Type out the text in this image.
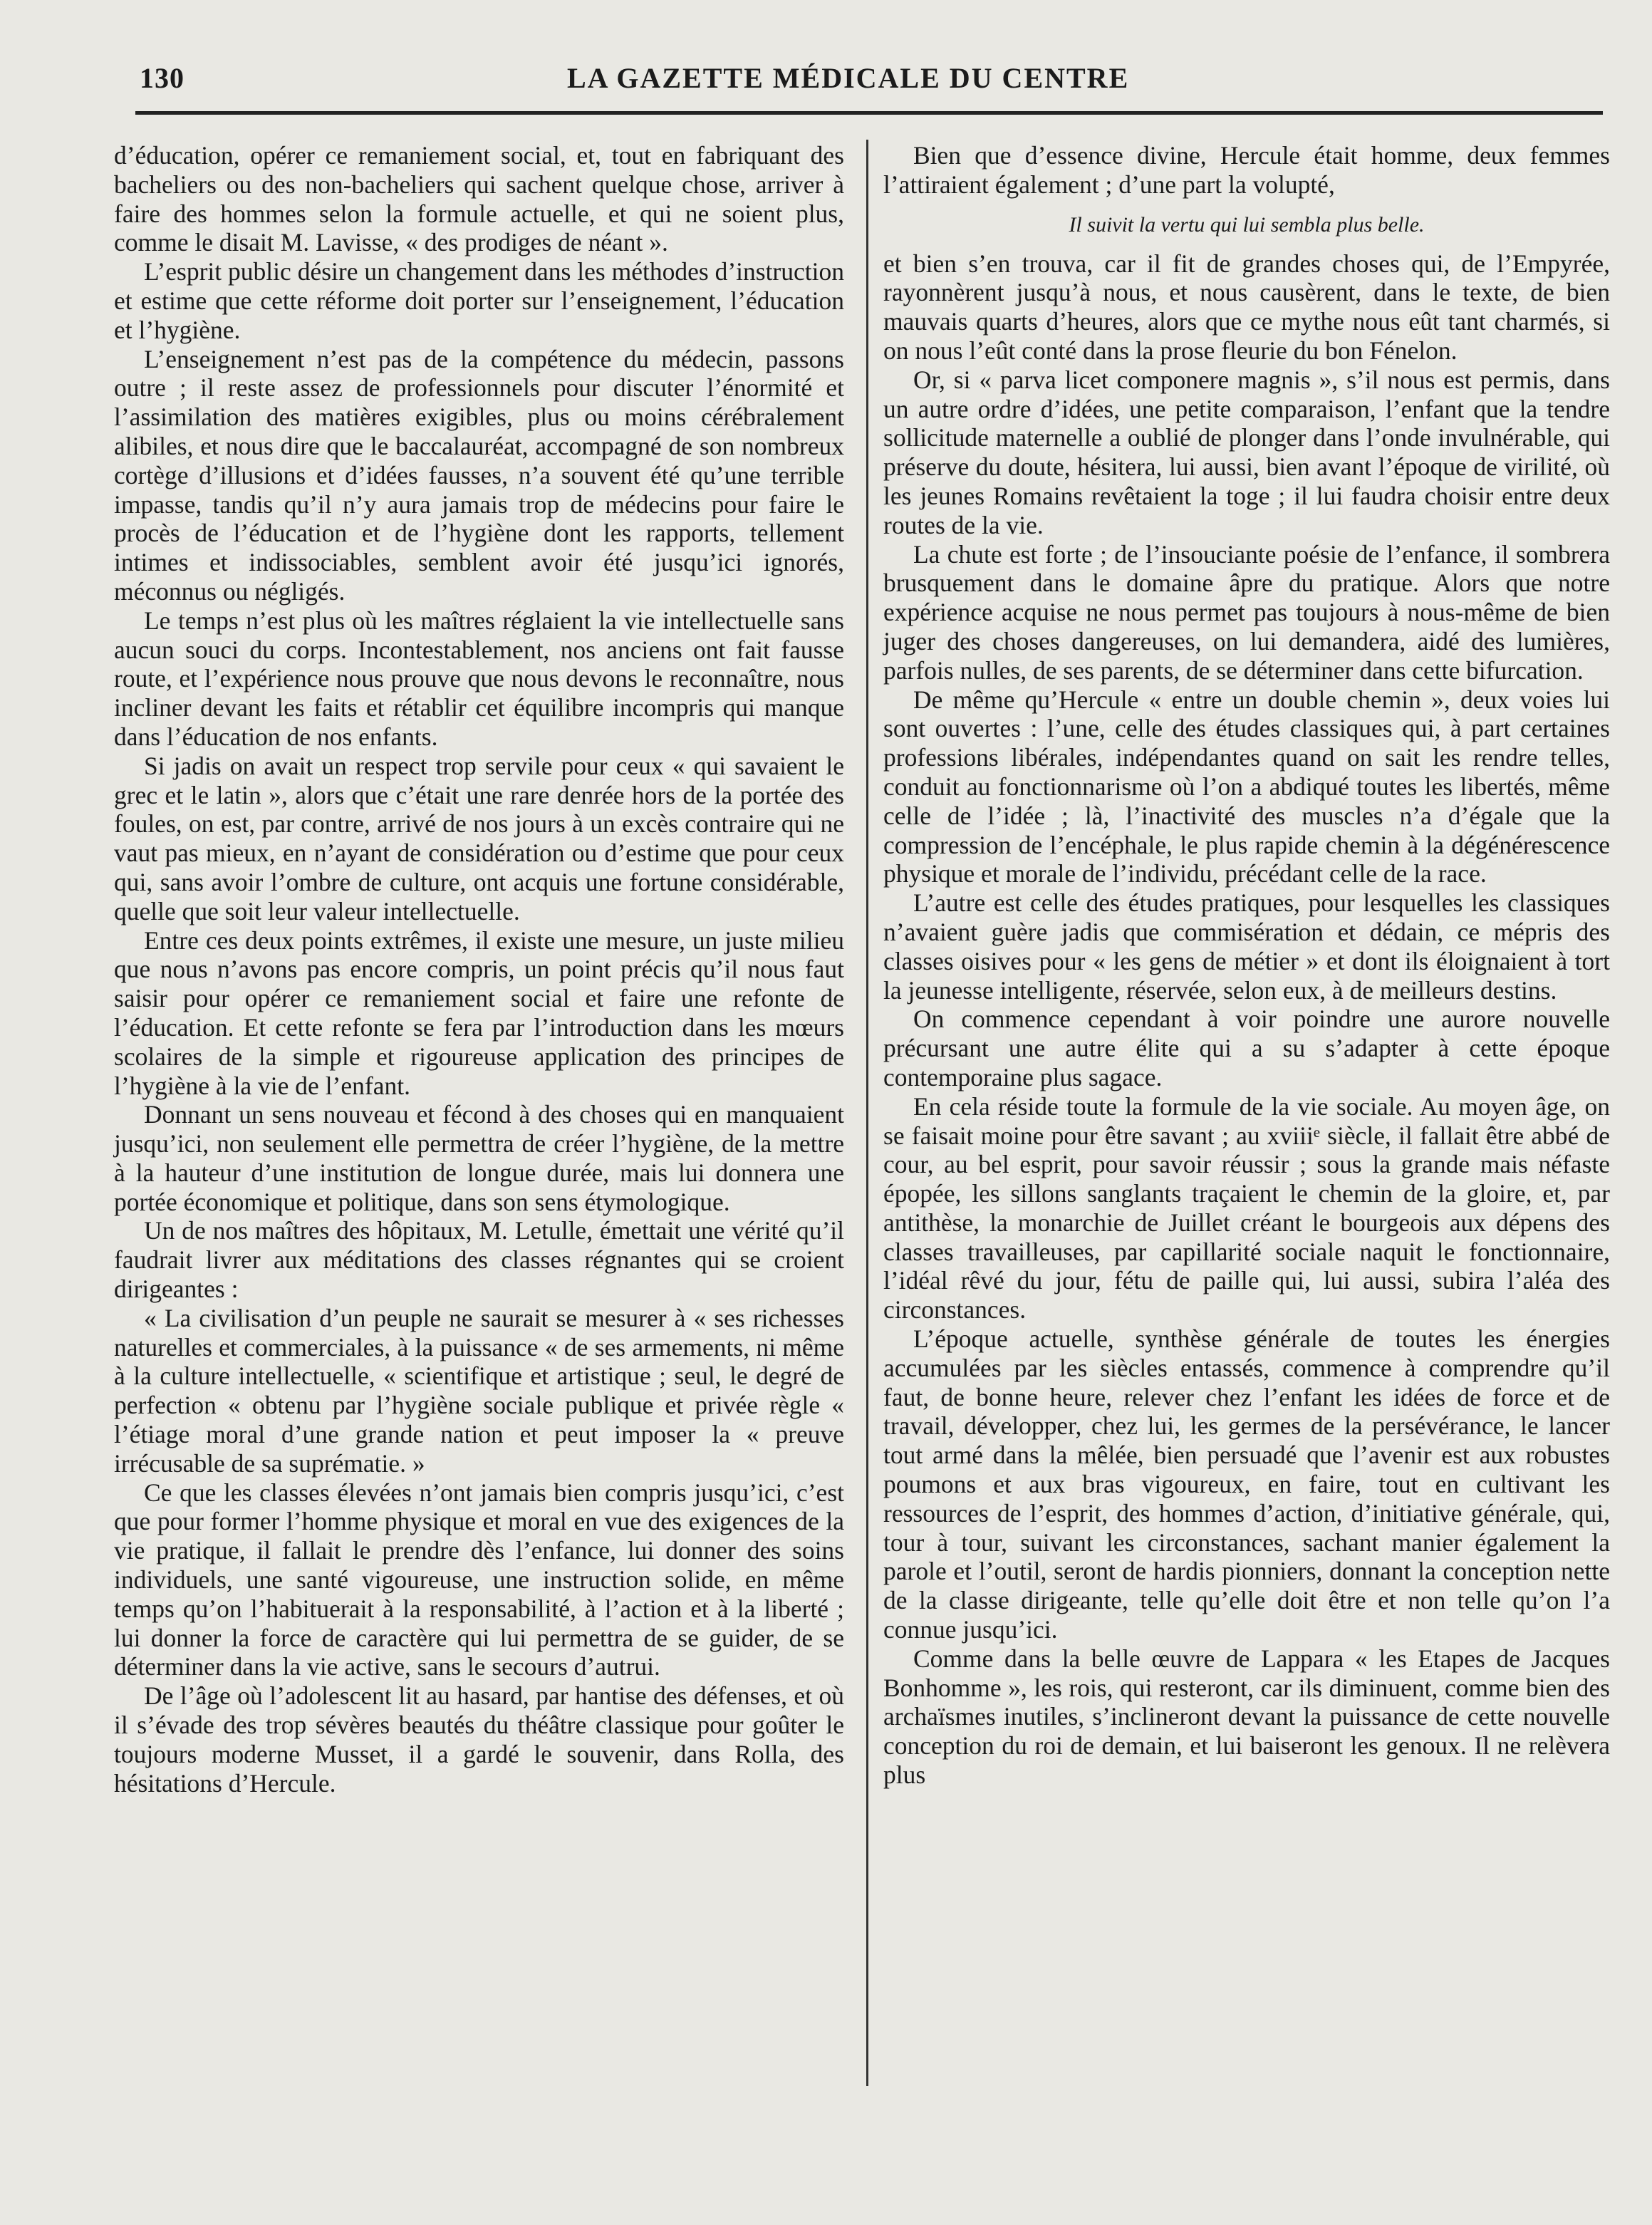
130	LA GAZETTE MÉDICALE DU CENTRE

d’éducation, opérer ce remaniement social, et, tout en fabriquant des bacheliers ou des non-bacheliers qui sachent quelque chose, arriver à faire des hommes selon la formule actuelle, et qui ne soient plus, comme le disait M. Lavisse, « des prodiges de néant ».

L’esprit public désire un changement dans les méthodes d’instruction et estime que cette réforme doit porter sur l’enseignement, l’éducation et l’hygiène.

L’enseignement n’est pas de la compétence du médecin, passons outre ; il reste assez de professionnels pour discuter l’énormité et l’assimilation des matières exigibles, plus ou moins cérébralement alibiles, et nous dire que le baccalauréat, accompagné de son nombreux cortège d’illusions et d’idées fausses, n’a souvent été qu’une terrible impasse, tandis qu’il n’y aura jamais trop de médecins pour faire le procès de l’éducation et de l’hygiène dont les rapports, tellement intimes et indissociables, semblent avoir été jusqu’ici ignorés, méconnus ou négligés.

Le temps n’est plus où les maîtres réglaient la vie intellectuelle sans aucun souci du corps. Incontestablement, nos anciens ont fait fausse route, et l’expérience nous prouve que nous devons le reconnaître, nous incliner devant les faits et rétablir cet équilibre incompris qui manque dans l’éducation de nos enfants.

Si jadis on avait un respect trop servile pour ceux « qui savaient le grec et le latin », alors que c’était une rare denrée hors de la portée des foules, on est, par contre, arrivé de nos jours à un excès contraire qui ne vaut pas mieux, en n’ayant de considération ou d’estime que pour ceux qui, sans avoir l’ombre de culture, ont acquis une fortune considérable, quelle que soit leur valeur intellectuelle.

Entre ces deux points extrêmes, il existe une mesure, un juste milieu que nous n’avons pas encore compris, un point précis qu’il nous faut saisir pour opérer ce remaniement social et faire une refonte de l’éducation. Et cette refonte se fera par l’introduction dans les mœurs scolaires de la simple et rigoureuse application des principes de l’hygiène à la vie de l’enfant.

Donnant un sens nouveau et fécond à des choses qui en manquaient jusqu’ici, non seulement elle permettra de créer l’hygiène, de la mettre à la hauteur d’une institution de longue durée, mais lui donnera une portée économique et politique, dans son sens étymologique.

Un de nos maîtres des hôpitaux, M. Letulle, émettait une vérité qu’il faudrait livrer aux méditations des classes régnantes qui se croient dirigeantes :

« La civilisation d’un peuple ne saurait se mesurer à « ses richesses naturelles et commerciales, à la puissance « de ses armements, ni même à la culture intellectuelle, « scientifique et artistique ; seul, le degré de perfection « obtenu par l’hygiène sociale publique et privée règle « l’étiage moral d’une grande nation et peut imposer la « preuve irrécusable de sa suprématie. »

Ce que les classes élevées n’ont jamais bien compris jusqu’ici, c’est que pour former l’homme physique et moral en vue des exigences de la vie pratique, il fallait le prendre dès l’enfance, lui donner des soins individuels, une santé vigoureuse, une instruction solide, en même temps qu’on l’habituerait à la responsabilité, à l’action et à la liberté ; lui donner la force de caractère qui lui permettra de se guider, de se déterminer dans la vie active, sans le secours d’autrui.

De l’âge où l’adolescent lit au hasard, par hantise des défenses, et où il s’évade des trop sévères beautés du théâtre classique pour goûter le toujours moderne Musset, il a gardé le souvenir, dans Rolla, des hésitations d’Hercule.

Bien que d’essence divine, Hercule était homme, deux femmes l’attiraient également ; d’une part la volupté,

Il suivit la vertu qui lui sembla plus belle.

et bien s’en trouva, car il fit de grandes choses qui, de l’Empyrée, rayonnèrent jusqu’à nous, et nous causèrent, dans le texte, de bien mauvais quarts d’heures, alors que ce mythe nous eût tant charmés, si on nous l’eût conté dans la prose fleurie du bon Fénelon.

Or, si « parva licet componere magnis », s’il nous est permis, dans un autre ordre d’idées, une petite comparaison, l’enfant que la tendre sollicitude maternelle a oublié de plonger dans l’onde invulnérable, qui préserve du doute, hésitera, lui aussi, bien avant l’époque de virilité, où les jeunes Romains revêtaient la toge ; il lui faudra choisir entre deux routes de la vie.

La chute est forte ; de l’insouciante poésie de l’enfance, il sombrera brusquement dans le domaine âpre du pratique. Alors que notre expérience acquise ne nous permet pas toujours à nous-même de bien juger des choses dangereuses, on lui demandera, aidé des lumières, parfois nulles, de ses parents, de se déterminer dans cette bifurcation.

De même qu’Hercule « entre un double chemin », deux voies lui sont ouvertes : l’une, celle des études classiques qui, à part certaines professions libérales, indépendantes quand on sait les rendre telles, conduit au fonctionnarisme où l’on a abdiqué toutes les libertés, même celle de l’idée ; là, l’inactivité des muscles n’a d’égale que la compression de l’encéphale, le plus rapide chemin à la dégénérescence physique et morale de l’individu, précédant celle de la race.

L’autre est celle des études pratiques, pour lesquelles les classiques n’avaient guère jadis que commisération et dédain, ce mépris des classes oisives pour « les gens de métier » et dont ils éloignaient à tort la jeunesse intelligente, réservée, selon eux, à de meilleurs destins.

On commence cependant à voir poindre une aurore nouvelle précursant une autre élite qui a su s’adapter à cette époque contemporaine plus sagace.

En cela réside toute la formule de la vie sociale. Au moyen âge, on se faisait moine pour être savant ; au xviiiᵉ siècle, il fallait être abbé de cour, au bel esprit, pour savoir réussir ; sous la grande mais néfaste épopée, les sillons sanglants traçaient le chemin de la gloire, et, par antithèse, la monarchie de Juillet créant le bourgeois aux dépens des classes travailleuses, par capillarité sociale naquit le fonctionnaire, l’idéal rêvé du jour, fétu de paille qui, lui aussi, subira l’aléa des circonstances.

L’époque actuelle, synthèse générale de toutes les énergies accumulées par les siècles entassés, commence à comprendre qu’il faut, de bonne heure, relever chez l’enfant les idées de force et de travail, développer, chez lui, les germes de la persévérance, le lancer tout armé dans la mêlée, bien persuadé que l’avenir est aux robustes poumons et aux bras vigoureux, en faire, tout en cultivant les ressources de l’esprit, des hommes d’action, d’initiative générale, qui, tour à tour, suivant les circonstances, sachant manier également la parole et l’outil, seront de hardis pionniers, donnant la conception nette de la classe dirigeante, telle qu’elle doit être et non telle qu’on l’a connue jusqu’ici.

Comme dans la belle œuvre de Lappara « les Etapes de Jacques Bonhomme », les rois, qui resteront, car ils diminuent, comme bien des archaïsmes inutiles, s’inclineront devant la puissance de cette nouvelle conception du roi de demain, et lui baiseront les genoux. Il ne relèvera plus
